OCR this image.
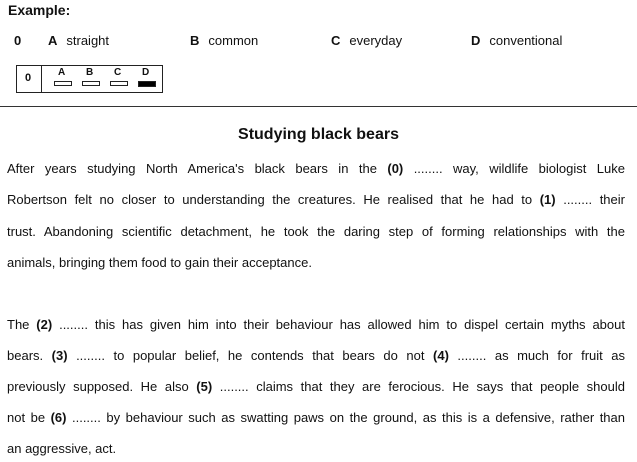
Example:
0 A straight	B common	C everyday	D conventional
0	A B C D
Studying black bears
After years studying North America's black bears in the (0) ........ way, wildlife biologist Luke
Robertson felt no closer to understanding the creatures. He realised that he had to (1) ........ their
trust. Abandoning scientific detachment, he took the daring step of forming relationships with the
animals, bringing them food to gain their acceptance.
The (2) ........ this has given him into their behaviour has allowed him to dispel certain myths about
bears. (3) ........ to popular belief, he contends that bears do not (4) ........ as much for fruit as
previously supposed. He also (5) ........ claims that they are ferocious. He says that people should
not be (6) ........ by behaviour such as swatting paws on the ground, as this is a defensive, rather than
an aggressive, act.
